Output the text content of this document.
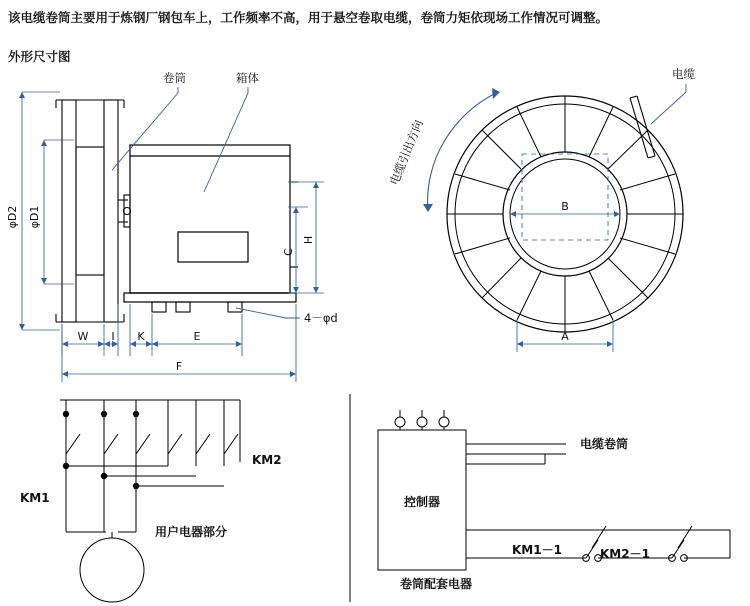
该电缆卷筒主要用于炼钢厂钢包车上，工作频率不高，用于悬空卷取电缆，卷筒力矩依现场工作情况可调整。
外形尺寸图
卷筒	箱体
4－φd
φD2 φD1
W I K	E
F
C
H
电缆
电缆引出方向
B
A
KM2
KM1
用户电器部分
电缆卷筒
控制器
KM1－1	KM2－1
卷筒配套电器
